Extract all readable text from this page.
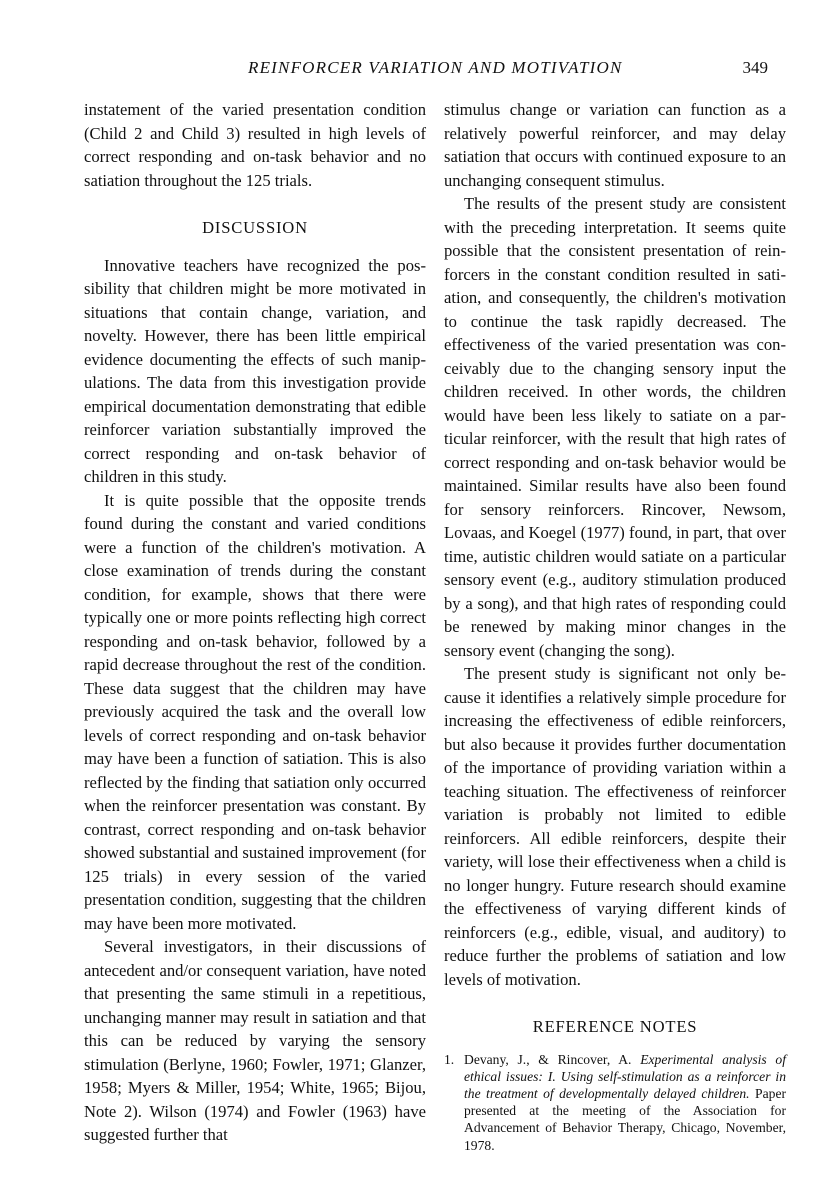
REINFORCER VARIATION AND MOTIVATION	349

instatement of the varied presentation condition (Child 2 and Child 3) resulted in high levels of correct responding and on-task behavior and no satiation throughout the 125 trials.

DISCUSSION

Innovative teachers have recognized the possibility that children might be more motivated in situations that contain change, variation, and novelty. However, there has been little empirical evidence documenting the effects of such manipulations. The data from this investigation provide empirical documentation demonstrating that edible reinforcer variation substantially improved the correct responding and on-task behavior of children in this study.

It is quite possible that the opposite trends found during the constant and varied conditions were a function of the children's motivation. A close examination of trends during the constant condition, for example, shows that there were typically one or more points reflecting high correct responding and on-task behavior, followed by a rapid decrease throughout the rest of the condition. These data suggest that the children may have previously acquired the task and the overall low levels of correct responding and on-task behavior may have been a function of satiation. This is also reflected by the finding that satiation only occurred when the reinforcer presentation was constant. By contrast, correct responding and on-task behavior showed substantial and sustained improvement (for 125 trials) in every session of the varied presentation condition, suggesting that the children may have been more motivated.

Several investigators, in their discussions of antecedent and/or consequent variation, have noted that presenting the same stimuli in a repetitious, unchanging manner may result in satiation and that this can be reduced by varying the sensory stimulation (Berlyne, 1960; Fowler, 1971; Glanzer, 1958; Myers & Miller, 1954; White, 1965; Bijou, Note 2). Wilson (1974) and Fowler (1963) have suggested further that

stimulus change or variation can function as a relatively powerful reinforcer, and may delay satiation that occurs with continued exposure to an unchanging consequent stimulus.

The results of the present study are consistent with the preceding interpretation. It seems quite possible that the consistent presentation of reinforcers in the constant condition resulted in satiation, and consequently, the children's motivation to continue the task rapidly decreased. The effectiveness of the varied presentation was conceivably due to the changing sensory input the children received. In other words, the children would have been less likely to satiate on a particular reinforcer, with the result that high rates of correct responding and on-task behavior would be maintained. Similar results have also been found for sensory reinforcers. Rincover, Newsom, Lovaas, and Koegel (1977) found, in part, that over time, autistic children would satiate on a particular sensory event (e.g., auditory stimulation produced by a song), and that high rates of responding could be renewed by making minor changes in the sensory event (changing the song).

The present study is significant not only because it identifies a relatively simple procedure for increasing the effectiveness of edible reinforcers, but also because it provides further documentation of the importance of providing variation within a teaching situation. The effectiveness of reinforcer variation is probably not limited to edible reinforcers. All edible reinforcers, despite their variety, will lose their effectiveness when a child is no longer hungry. Future research should examine the effectiveness of varying different kinds of reinforcers (e.g., edible, visual, and auditory) to reduce further the problems of satiation and low levels of motivation.

REFERENCE NOTES
1. Devany, J., & Rincover, A. Experimental analysis of ethical issues: I. Using self-stimulation as a reinforcer in the treatment of developmentally delayed children. Paper presented at the meeting of the Association for Advancement of Behavior Therapy, Chicago, November, 1978.
